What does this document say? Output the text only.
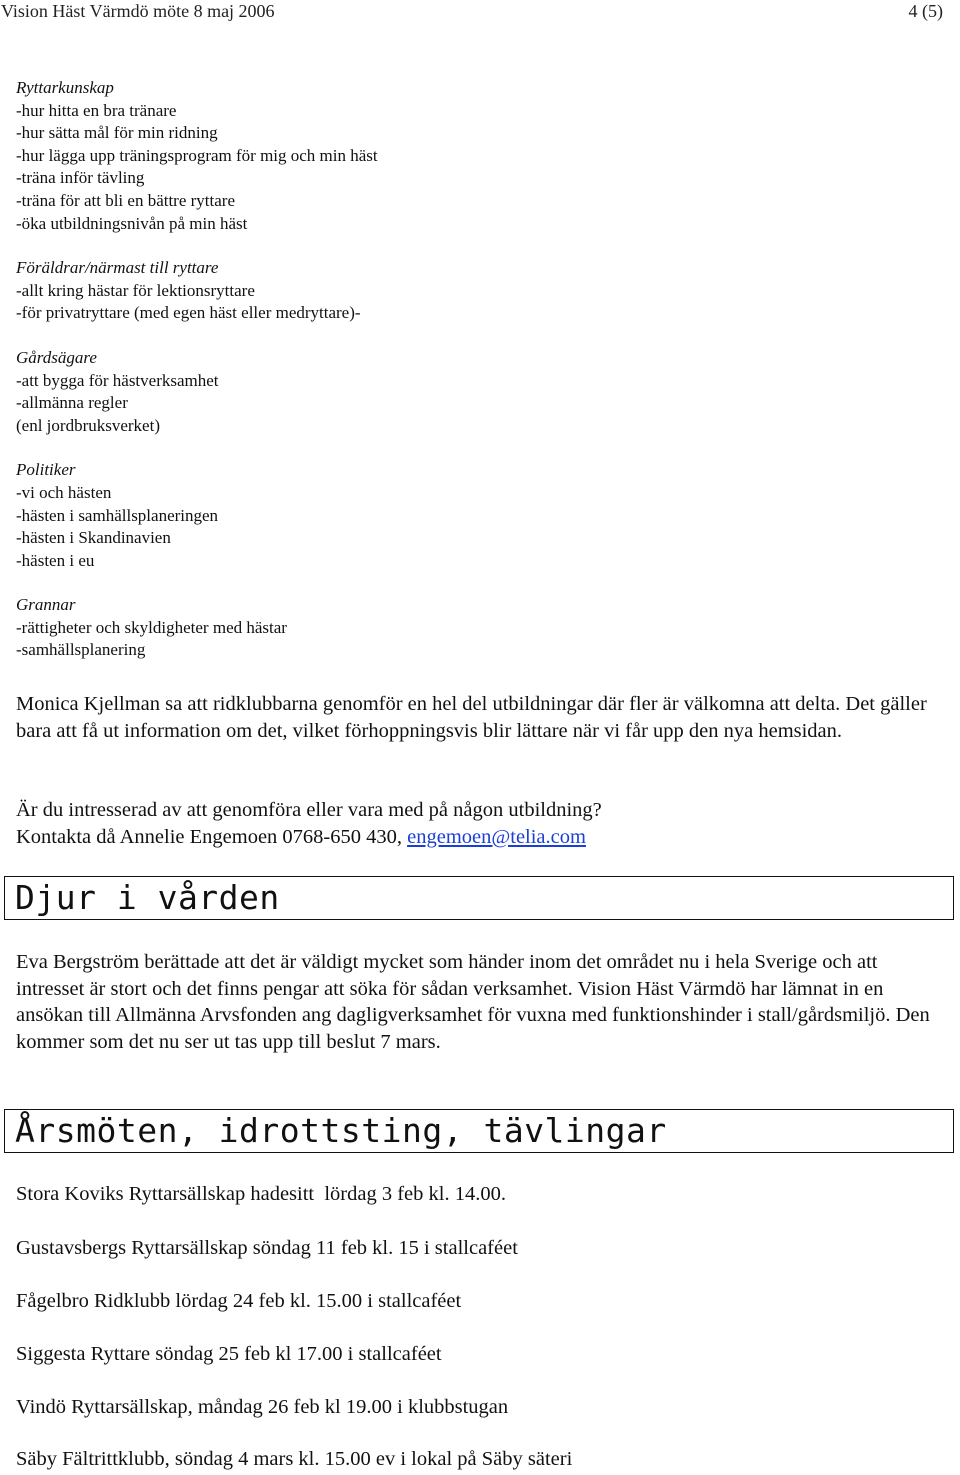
Vision Häst Värmdö möte 8 maj 2006	4 (5)
Ryttarkunskap
-hur hitta en bra tränare
-hur sätta mål för min ridning
-hur lägga upp träningsprogram för mig och min häst
-träna inför tävling
-träna för att bli en bättre ryttare
-öka utbildningsnivån på min häst
Föräldrar/närmast till ryttare
-allt kring hästar för lektionsryttare
-för privatryttare (med egen häst eller medryttare)-
Gårdsägare
-att bygga för hästverksamhet
-allmänna regler
(enl jordbruksverket)
Politiker
-vi och hästen
-hästen i samhällsplaneringen
-hästen i Skandinavien
-hästen i eu
Grannar
-rättigheter och skyldigheter med hästar
-samhällsplanering
Monica Kjellman sa att ridklubbarna genomför en hel del utbildningar där fler är välkomna att delta. Det gäller bara att få ut information om det, vilket förhoppningsvis blir lättare när vi får upp den nya hemsidan.
Är du intresserad av att genomföra eller vara med på någon utbildning?
Kontakta då Annelie Engemoen 0768-650 430, engemoen@telia.com
Djur i vården
Eva Bergström berättade att det är väldigt mycket som händer inom det området nu i hela Sverige och att intresset är stort och det finns pengar att söka för sådan verksamhet. Vision Häst Värmdö har lämnat in en ansökan till Allmänna Arvsfonden ang dagligverksamhet för vuxna med funktionshinder i stall/gårdsmiljö. Den kommer som det nu ser ut tas upp till beslut 7 mars.
Årsmöten, idrottsting, tävlingar
Stora Koviks Ryttarsällskap hadesitt  lördag 3 feb kl. 14.00.
Gustavsbergs Ryttarsällskap söndag 11 feb kl. 15 i stallcaféet
Fågelbro Ridklubb lördag 24 feb kl. 15.00 i stallcaféet
Siggesta Ryttare söndag 25 feb kl 17.00 i stallcaféet
Vindö Ryttarsällskap, måndag 26 feb kl 19.00 i klubbstugan
Säby Fältrittklubb, söndag 4 mars kl. 15.00 ev i lokal på Säby säteri
